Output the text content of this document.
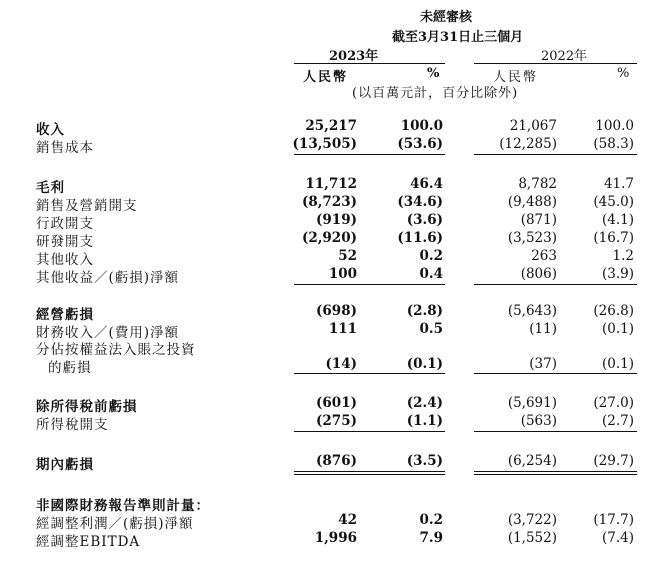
未經審核
截至3月31日止三個月
2023年	2022年
人民幣	%	人民幣	%
(以百萬元計，百分比除外)
收入	25,217	100.0	21,067	100.0
銷售成本	(13,505)	(53.6)	(12,285)	(58.3)
毛利	11,712	46.4	8,782	41.7
銷售及營銷開支	(8,723)	(34.6)	(9,488)	(45.0)
行政開支	(919)	(3.6)	(871)	(4.1)
研發開支	(2,920)	(11.6)	(3,523)	(16.7)
其他收入	52	0.2	263	1.2
其他收益／(虧損)淨額	100	0.4	(806)	(3.9)
經營虧損	(698)	(2.8)	(5,643)	(26.8)
財務收入／(費用)淨額	111	0.5	(11)	(0.1)
分佔按權益法入賬之投資
的虧損	(14)	(0.1)	(37)	(0.1)
除所得稅前虧損	(601)	(2.4)	(5,691)	(27.0)
所得稅開支	(275)	(1.1)	(563)	(2.7)
期內虧損	(876)	(3.5)	(6,254)	(29.7)
非國際財務報告準則計量：
經調整利潤／(虧損)淨額	42	0.2	(3,722)	(17.7)
經調整EBITDA	1,996	7.9	(1,552)	(7.4)
